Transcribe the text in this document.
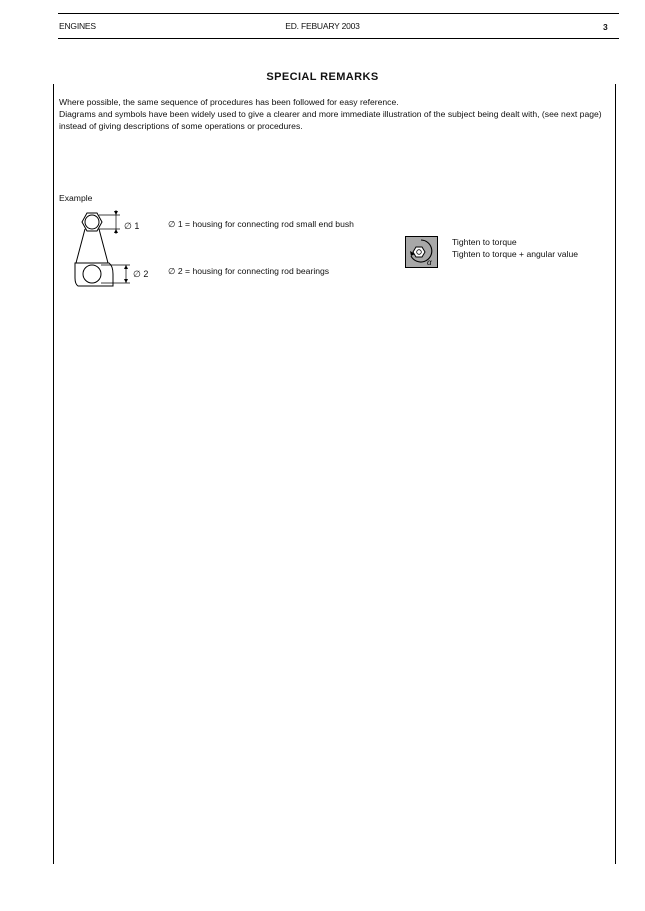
ENGINES	ED. FEBUARY 2003	3
SPECIAL REMARKS
Where possible, the same sequence of procedures has been followed for easy reference.
Diagrams and symbols have been widely used to give a clearer and more immediate illustration of the subject being dealt with, (see next page) instead of giving descriptions of some operations or procedures.
Example
∅ 1
∅ 2
∅ 1 = housing for connecting rod small end bush
∅ 2 = housing for connecting rod bearings
α
Tighten to torque
Tighten to torque + angular value
